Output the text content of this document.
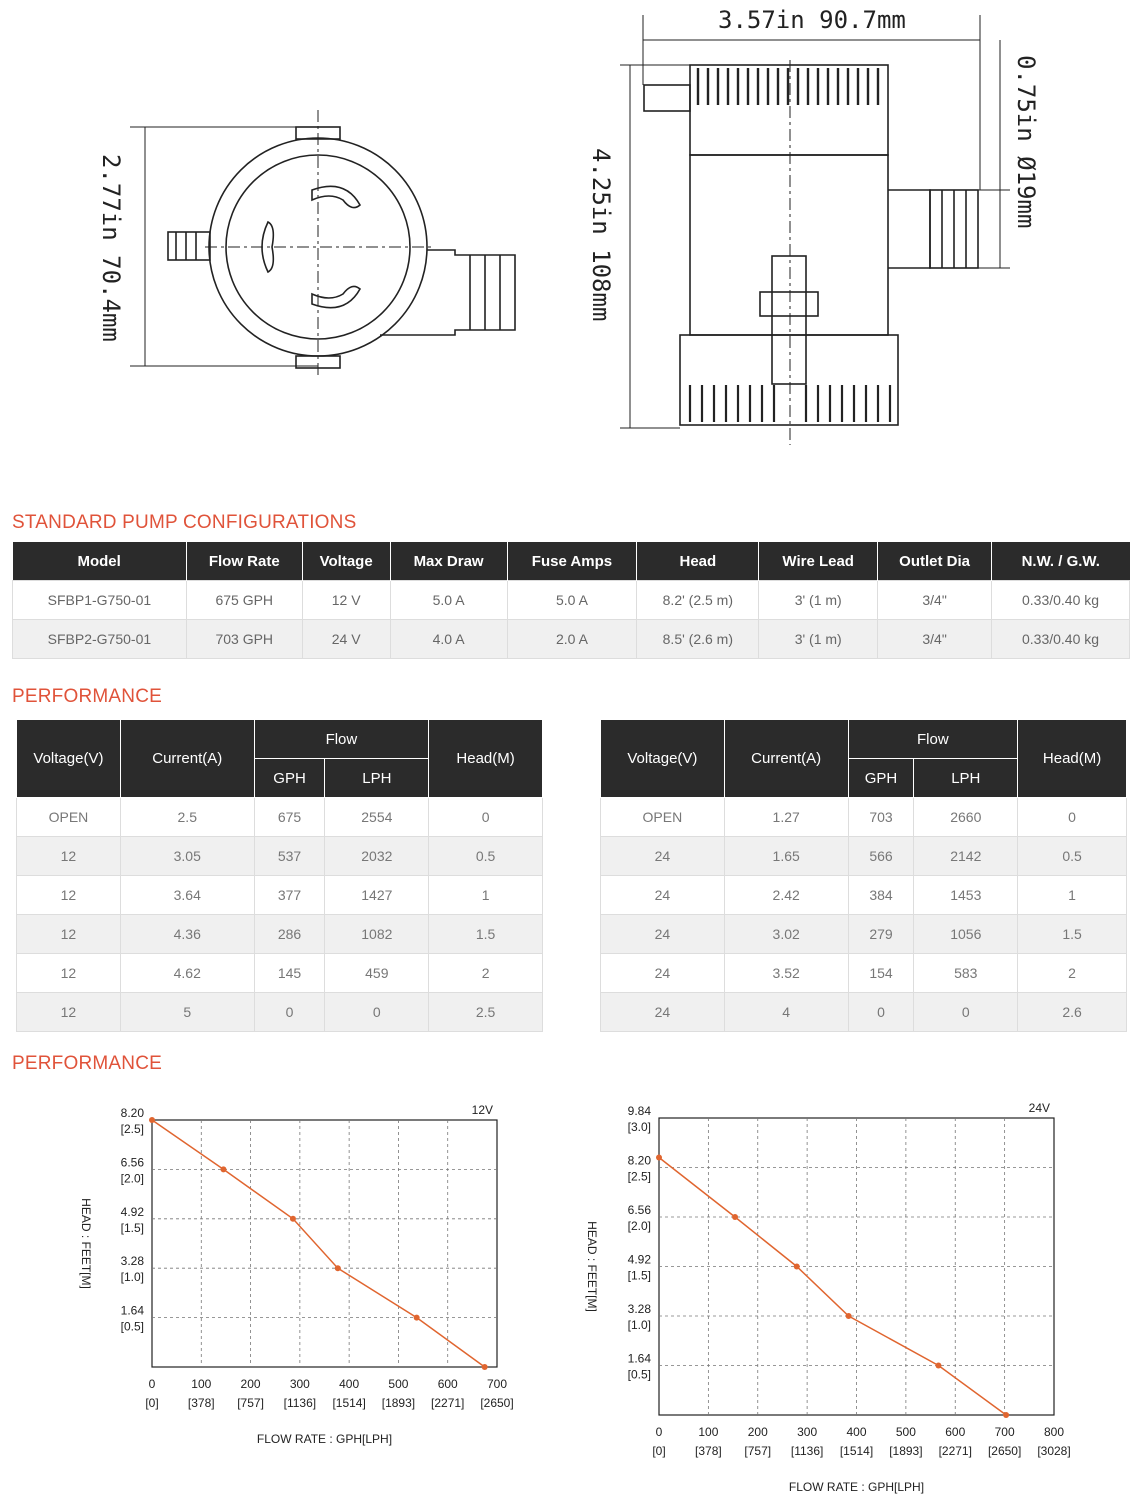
3.57in 90.7mm
0.75in Ø19mm
4.25in 108mm
2.77in 70.4mm
STANDARD PUMP CONFIGURATIONS
Model	Flow Rate	Voltage	Max Draw	Fuse Amps	Head	Wire Lead	Outlet Dia	N.W. / G.W.
SFBP1-G750-01	675 GPH	12 V	5.0 A	5.0 A	8.2' (2.5 m)	3' (1 m)	3/4"	0.33/0.40 kg
SFBP2-G750-01	703 GPH	24 V	4.0 A	2.0 A	8.5' (2.6 m)	3' (1 m)	3/4"	0.33/0.40 kg
PERFORMANCE
Voltage(V)	Current(A)	Flow		Head(M)
		GPH	LPH	
OPEN	2.5	675	2554	0
12	3.05	537	2032	0.5
12	3.64	377	1427	1
12	4.36	286	1082	1.5
12	4.62	145	459	2
12	5	0	0	2.5
Voltage(V)	Current(A)	Flow		Head(M)
		GPH	LPH	
OPEN	1.27	703	2660	0
24	1.65	566	2142	0.5
24	2.42	384	1453	1
24	3.02	279	1056	1.5
24	3.52	154	583	2
24	4	0	0	2.6
PERFORMANCE
0
[0]
100
[378]
200
[757]
300
[1136]
400
[1514]
500
[1893]
600
[2271]
700
[2650]
1.64
[0.5]
3.28
[1.0]
4.92
[1.5]
6.56
[2.0]
8.20
[2.5]
12V
FLOW RATE : GPH[LPH]
HEAD : FEET[M]
0
[0]
100
[378]
200
[757]
300
[1136]
400
[1514]
500
[1893]
600
[2271]
700
[2650]
800
[3028]
1.64
[0.5]
3.28
[1.0]
4.92
[1.5]
6.56
[2.0]
8.20
[2.5]
9.84
[3.0]
24V
FLOW RATE : GPH[LPH]
HEAD : FEET[M]
